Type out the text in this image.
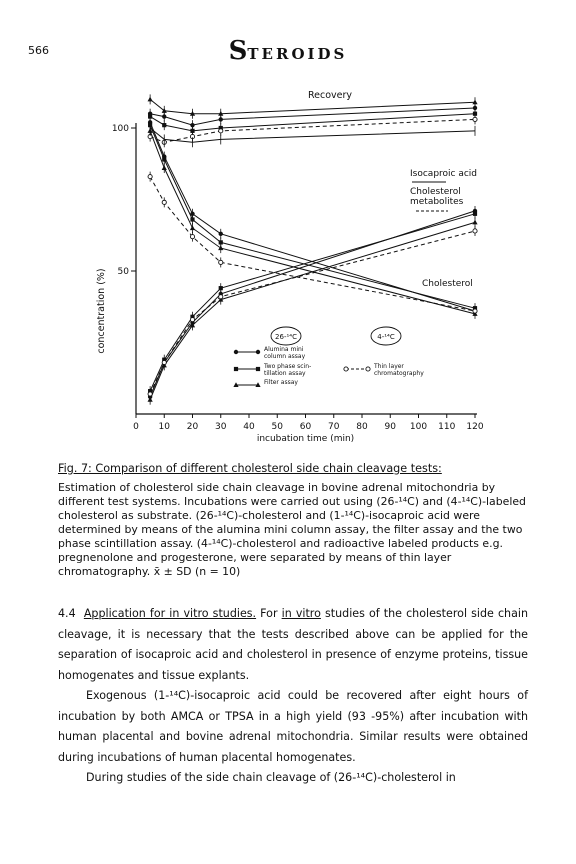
566	STEROIDS
0 10 20 30 40 50 60 70 80 90 100 110 120
50
100
incubation time (min)
concentration (%)
Recovery
Isocaproic acid
Cholesterol
metabolites
Cholesterol
26-¹⁴C	4-¹⁴C
Alumina mini
column assay
Two phase scin-
tillation assay
Filter assay
Thin layer
chromatography
Fig. 7: Comparison of different cholesterol side chain cleavage tests:
Estimation of cholesterol side chain cleavage in bovine adrenal mitochondria by different test systems. Incubations were carried out using (26-¹⁴C) and (4-¹⁴C)-labeled cholesterol as substrate. (26-¹⁴C)-cholesterol and (1-¹⁴C)-isocaproic acid were determined by means of the alumina mini column assay, the filter assay and the two phase scintillation assay. (4-¹⁴C)-cholesterol and radioactive labeled products e.g. pregnenolone and progesterone, were separated by means of thin layer chromatography. x̄ ± SD (n = 10)

4.4 Application for in vitro studies. For in vitro studies of the cholesterol side chain cleavage, it is necessary that the tests described above can be applied for the separation of isocaproic acid and cholesterol in presence of enzyme proteins, tissue homogenates and tissue explants.

Exogenous (1-¹⁴C)-isocaproic acid could be recovered after eight hours of incubation by both AMCA or TPSA in a high yield (93 -95%) after incubation with human placental and bovine adrenal mitochondria. Similar results were obtained during incubations of human placental homogenates.

During studies of the side chain cleavage of (26-¹⁴C)-cholesterol in
